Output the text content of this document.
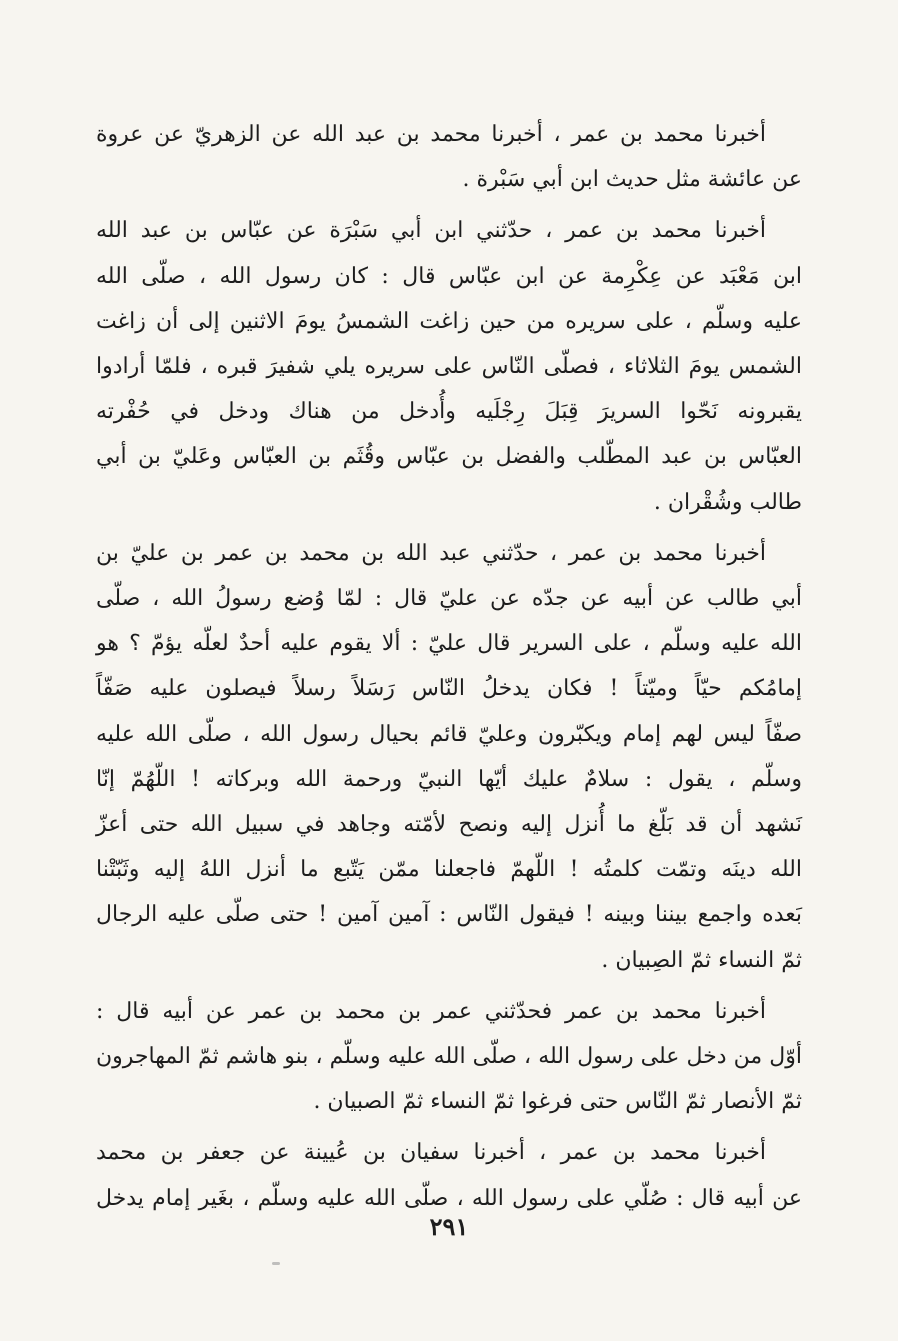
أخبرنا محمد بن عمر ، أخبرنا محمد بن عبد الله عن الزهريّ عن عروة
عن عائشة مثل حديث ابن أبي سَبْرة .
أخبرنا محمد بن عمر ، حدّثني ابن أبي سَبْرَة عن عبّاس بن عبد الله
ابن مَعْبَد عن عِكْرِمة عن ابن عبّاس قال : كان رسول الله ، صلّى الله
عليه وسلّم ، على سريره من حين زاغت الشمسُ يومَ الاثنين إلى أن زاغت
الشمس يومَ الثلاثاء ، فصلّى النّاس على سريره يلي شفيرَ قبره ، فلمّا أرادوا
يقبرونه نَحّوا السريرَ قِبَلَ رِجْلَيه وأُدخل من هناك ودخل في حُفْرته
العبّاس بن عبد المطّلب والفضل بن عبّاس وقُثَم بن العبّاس وعَليّ بن أبي
طالب وشُقْران .
أخبرنا محمد بن عمر ، حدّثني عبد الله بن محمد بن عمر بن عليّ بن
أبي طالب عن أبيه عن جدّه عن عليّ قال : لمّا وُضع رسولُ الله ، صلّى
الله عليه وسلّم ، على السرير قال عليّ : ألا يقوم عليه أحدٌ لعلّه يؤمّ ؟ هو
إمامُكم حيّاً وميّتاً ! فكان يدخلُ النّاس رَسَلاً رسلاً فيصلون عليه صَفّاً
صفّاً ليس لهم إمام ويكبّرون وعليّ قائم بحيال رسول الله ، صلّى الله عليه
وسلّم ، يقول : سلامٌ عليك أيّها النبيّ ورحمة الله وبركاته ! اللّهُمّ إنّا
نَشهد أن قد بَلّغ ما أُنزل إليه ونصح لأمّته وجاهد في سبيل الله حتى أعزّ
الله دينَه وتمّت كلمتُه ! اللّهمّ فاجعلنا ممّن يَتّبع ما أنزل اللهُ إليه وثَبّتْنا
بَعده واجمع بيننا وبينه ! فيقول النّاس : آمين آمين ! حتى صلّى عليه الرجال
ثمّ النساء ثمّ الصِبيان .
أخبرنا محمد بن عمر فحدّثني عمر بن محمد بن عمر عن أبيه قال :
أوّل من دخل على رسول الله ، صلّى الله عليه وسلّم ، بنو هاشم ثمّ المهاجرون
ثمّ الأنصار ثمّ النّاس حتى فرغوا ثمّ النساء ثمّ الصبيان .
أخبرنا محمد بن عمر ، أخبرنا سفيان بن عُيينة عن جعفر بن محمد
عن أبيه قال : صُلّي على رسول الله ، صلّى الله عليه وسلّم ، بغَير إمام يدخل
٢٩١
